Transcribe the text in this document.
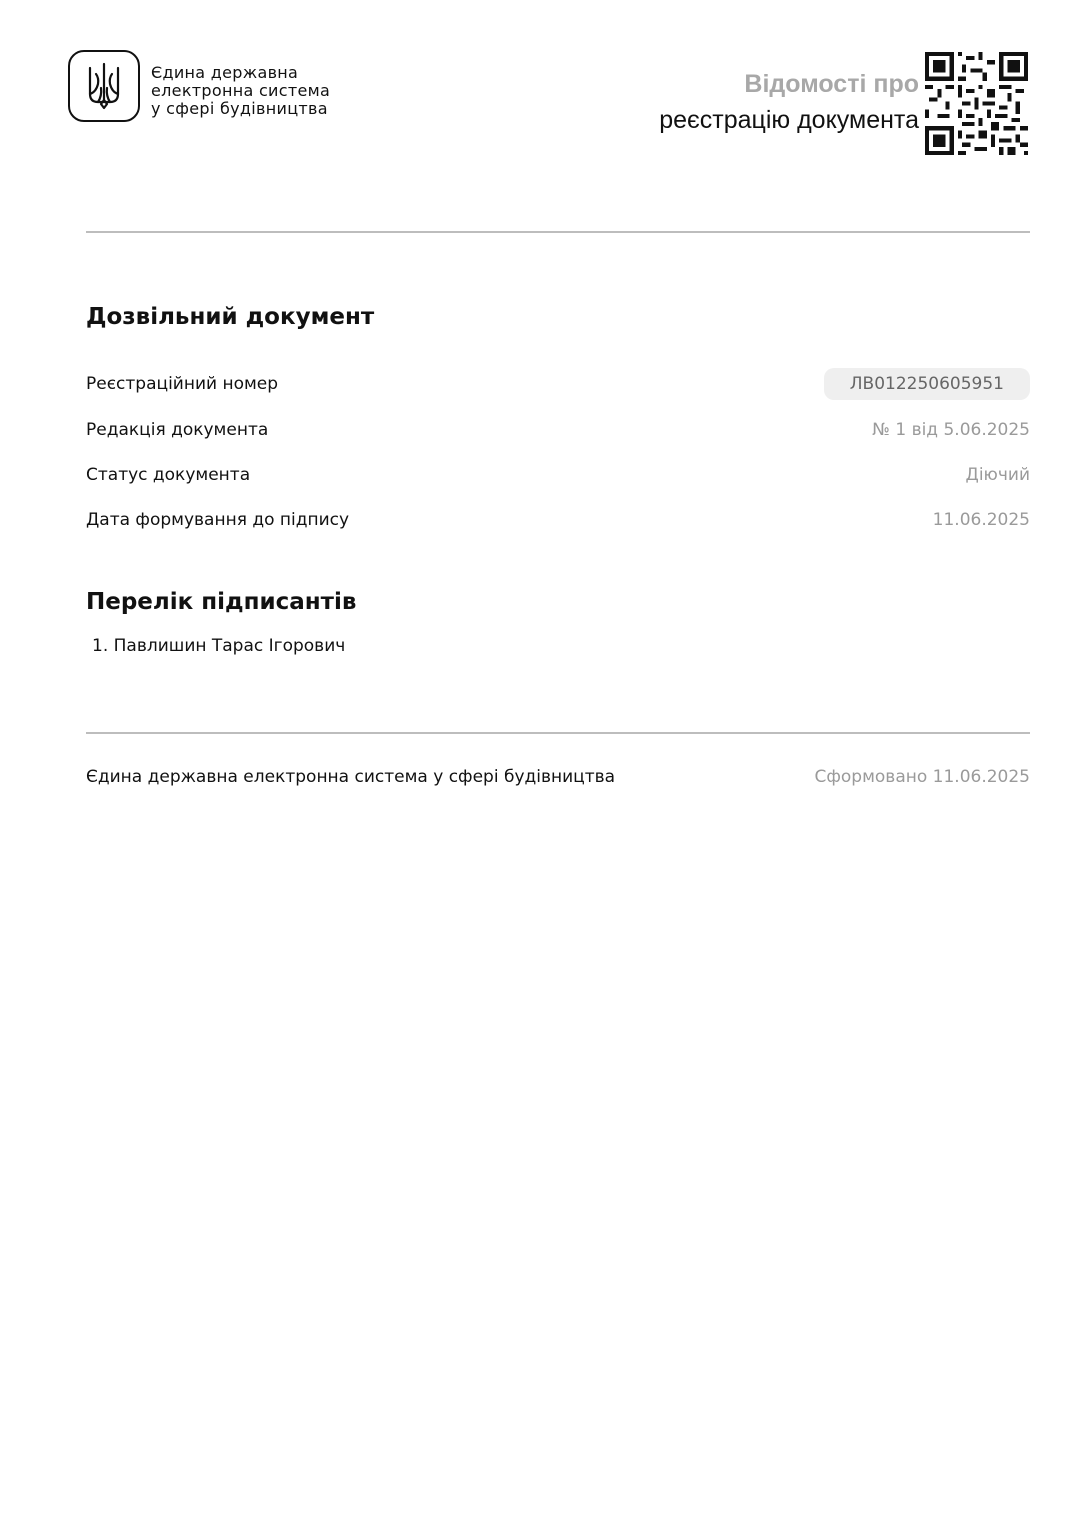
Єдина державна
електронна система
у сфері будівництва
Відомості про
реєстрацію документа
Дозвільний документ
Реєстраційний номер	ЛВ012250605951
Редакція документа	№ 1 від 5.06.2025
Статус документа	Діючий
Дата формування до підпису	11.06.2025
Перелік підписантів
1. Павлишин Тарас Ігорович
Єдина державна електронна система у сфері будівництва	Сформовано 11.06.2025
